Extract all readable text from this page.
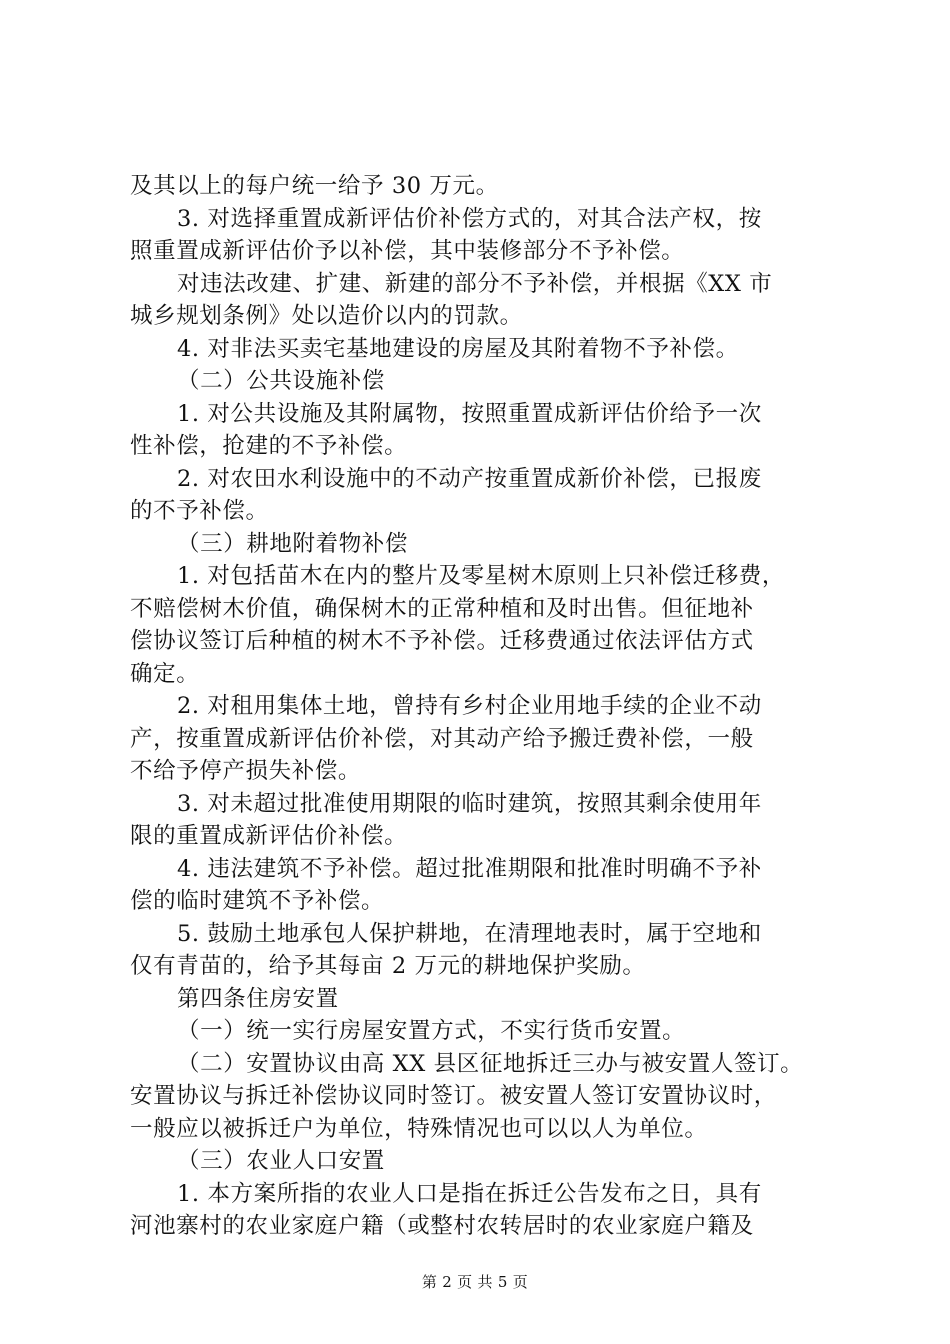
及其以上的每户统一给予 30 万元。
3. 对选择重置成新评估价补偿方式的，对其合法产权，按
照重置成新评估价予以补偿，其中装修部分不予补偿。
对违法改建、扩建、新建的部分不予补偿，并根据《XX 市
城乡规划条例》处以造价以内的罚款。
4. 对非法买卖宅基地建设的房屋及其附着物不予补偿。
（二）公共设施补偿
1. 对公共设施及其附属物，按照重置成新评估价给予一次
性补偿，抢建的不予补偿。
2. 对农田水利设施中的不动产按重置成新价补偿，已报废
的不予补偿。
（三）耕地附着物补偿
1. 对包括苗木在内的整片及零星树木原则上只补偿迁移费，
不赔偿树木价值，确保树木的正常种植和及时出售。但征地补
偿协议签订后种植的树木不予补偿。迁移费通过依法评估方式
确定。
2. 对租用集体土地，曾持有乡村企业用地手续的企业不动
产，按重置成新评估价补偿，对其动产给予搬迁费补偿，一般
不给予停产损失补偿。
3. 对未超过批准使用期限的临时建筑，按照其剩余使用年
限的重置成新评估价补偿。
4. 违法建筑不予补偿。超过批准期限和批准时明确不予补
偿的临时建筑不予补偿。
5. 鼓励土地承包人保护耕地，在清理地表时，属于空地和
仅有青苗的，给予其每亩 2 万元的耕地保护奖励。
第四条住房安置
（一）统一实行房屋安置方式，不实行货币安置。
（二）安置协议由高 XX 县区征地拆迁三办与被安置人签订。
安置协议与拆迁补偿协议同时签订。被安置人签订安置协议时，
一般应以被拆迁户为单位，特殊情况也可以以人为单位。
（三）农业人口安置
1. 本方案所指的农业人口是指在拆迁公告发布之日，具有
河池寨村的农业家庭户籍（或整村农转居时的农业家庭户籍及
第 2 页 共 5 页
